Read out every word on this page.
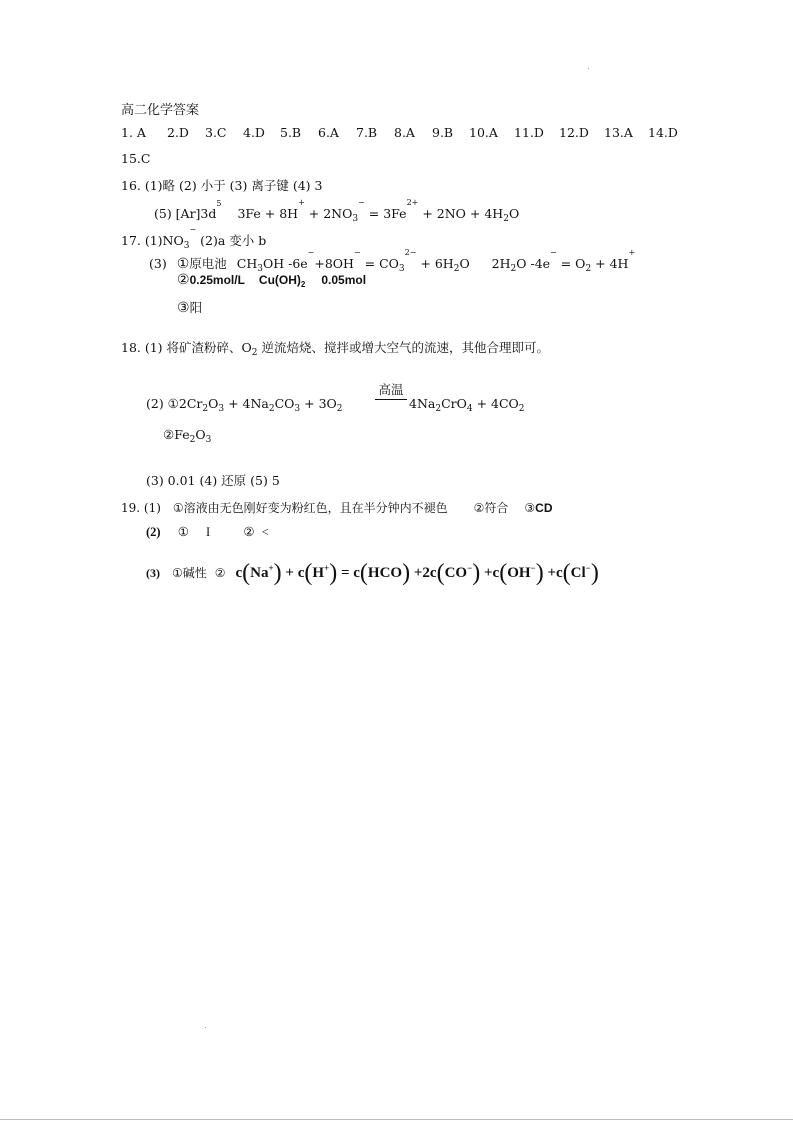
高二化学答案
1. A 2.D 3.C 4.D 5.B 6.A 7.B 8.A 9.B 10.A 11.D 12.D 13.A 14.D
15.C
16. (1)略 (2) 小于 (3) 离子键 (4) 3
(5) $[Ar]3d^5$ $3Fe + 8H^+ + 2NO_3^- = 3Fe^{2+} + 2NO + 4H_2O$
17. $(1)NO_3^-$ (2)a 变小 b
(3) ①原电池 $CH_3OH$ $-6e^-+8OH^- = CO_3^{2-} + 6H_2O$ $2H_2O$ $-4e^- = O_2 + 4H^+$
②0.25mol/L $Cu(OH)_2$ 0.05mol
③阳
18. (1) 将矿渣粉碎、$O_2$ 逆流焙烧、搅拌或增大空气的流速，其他合理即可。
高温
(2) $①2Cr_2O_3 + 4Na_2CO_3 + 3O_2$	$4Na_2CrO_4 + 4CO_2$
$②Fe_2O_3$
(3) 0.01 (4) 还原 (5) 5
19. (1) ①溶液由无色刚好变为粉红色，且在半分钟内不褪色 ②符合 ③CD
(2) ① I	② <
(3) ①碱性 ② c(Na+) + c(H+) = c(HCO) +2c(CO−) +c(OH−) +c(Cl−)
